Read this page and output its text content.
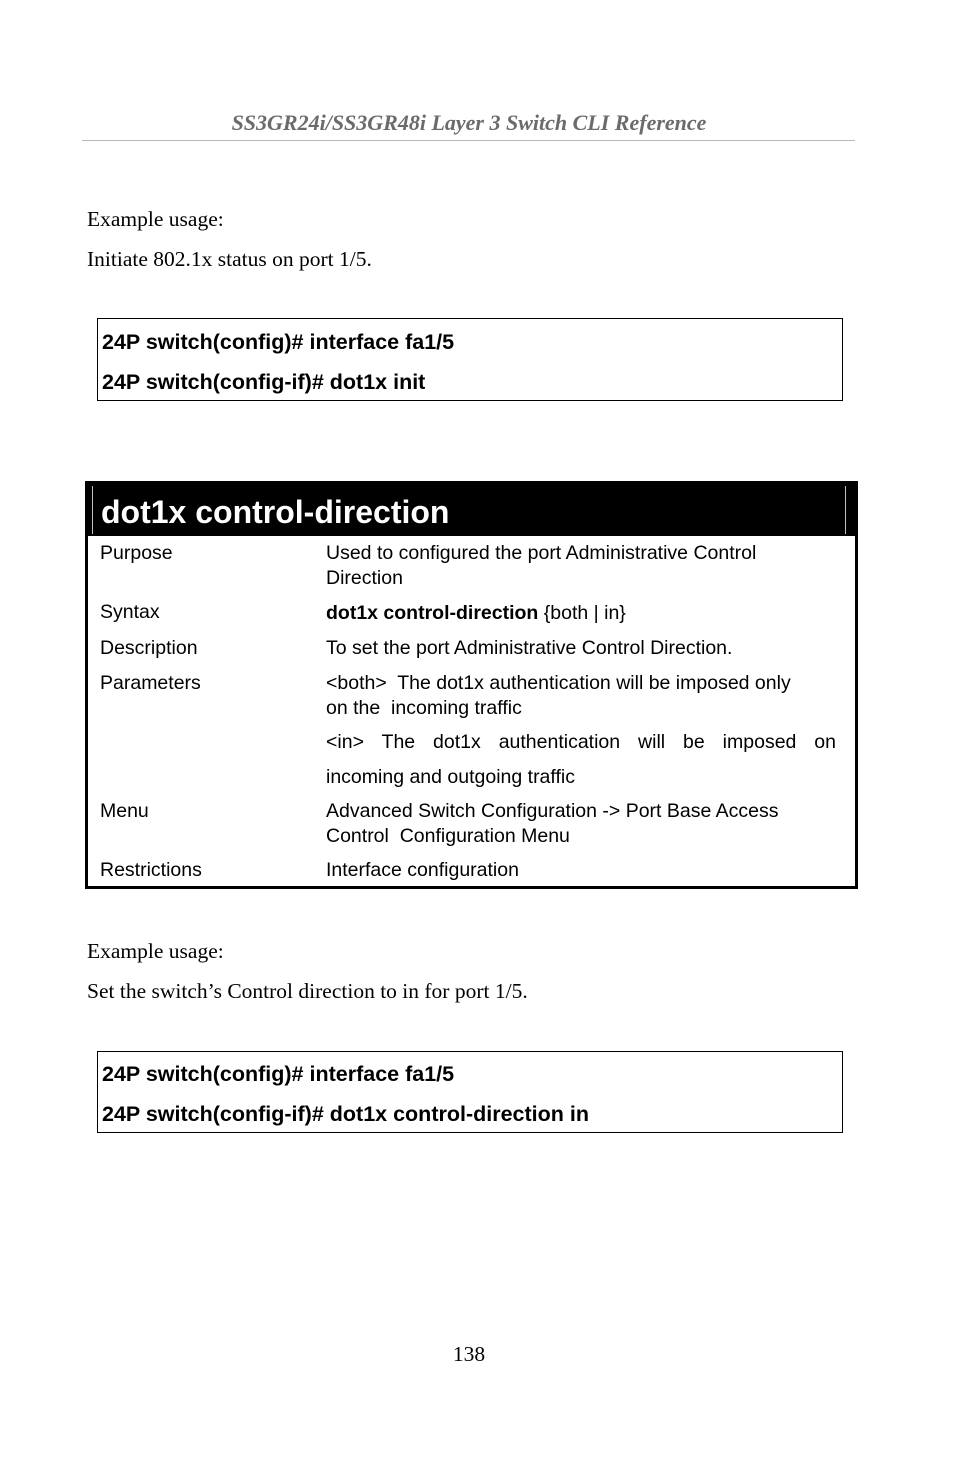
SS3GR24i/SS3GR48i Layer 3 Switch CLI Reference
Example usage:
Initiate 802.1x status on port 1/5.
24P switch(config)# interface fa1/5
24P switch(config-if)# dot1x init
dot1x control-direction
Purpose	Used to configured the port Administrative Control
Direction
Syntax	dot1x control-direction {both | in}
Description	To set the port Administrative Control Direction.
Parameters	<both>  The dot1x authentication will be imposed only
on the  incoming traffic
<in> The dot1x authentication will be imposed on
incoming and outgoing traffic
Menu	Advanced Switch Configuration -> Port Base Access
Control  Configuration Menu
Restrictions	Interface configuration
Example usage:
Set the switch’s Control direction to in for port 1/5.
24P switch(config)# interface fa1/5
24P switch(config-if)# dot1x control-direction in
138
